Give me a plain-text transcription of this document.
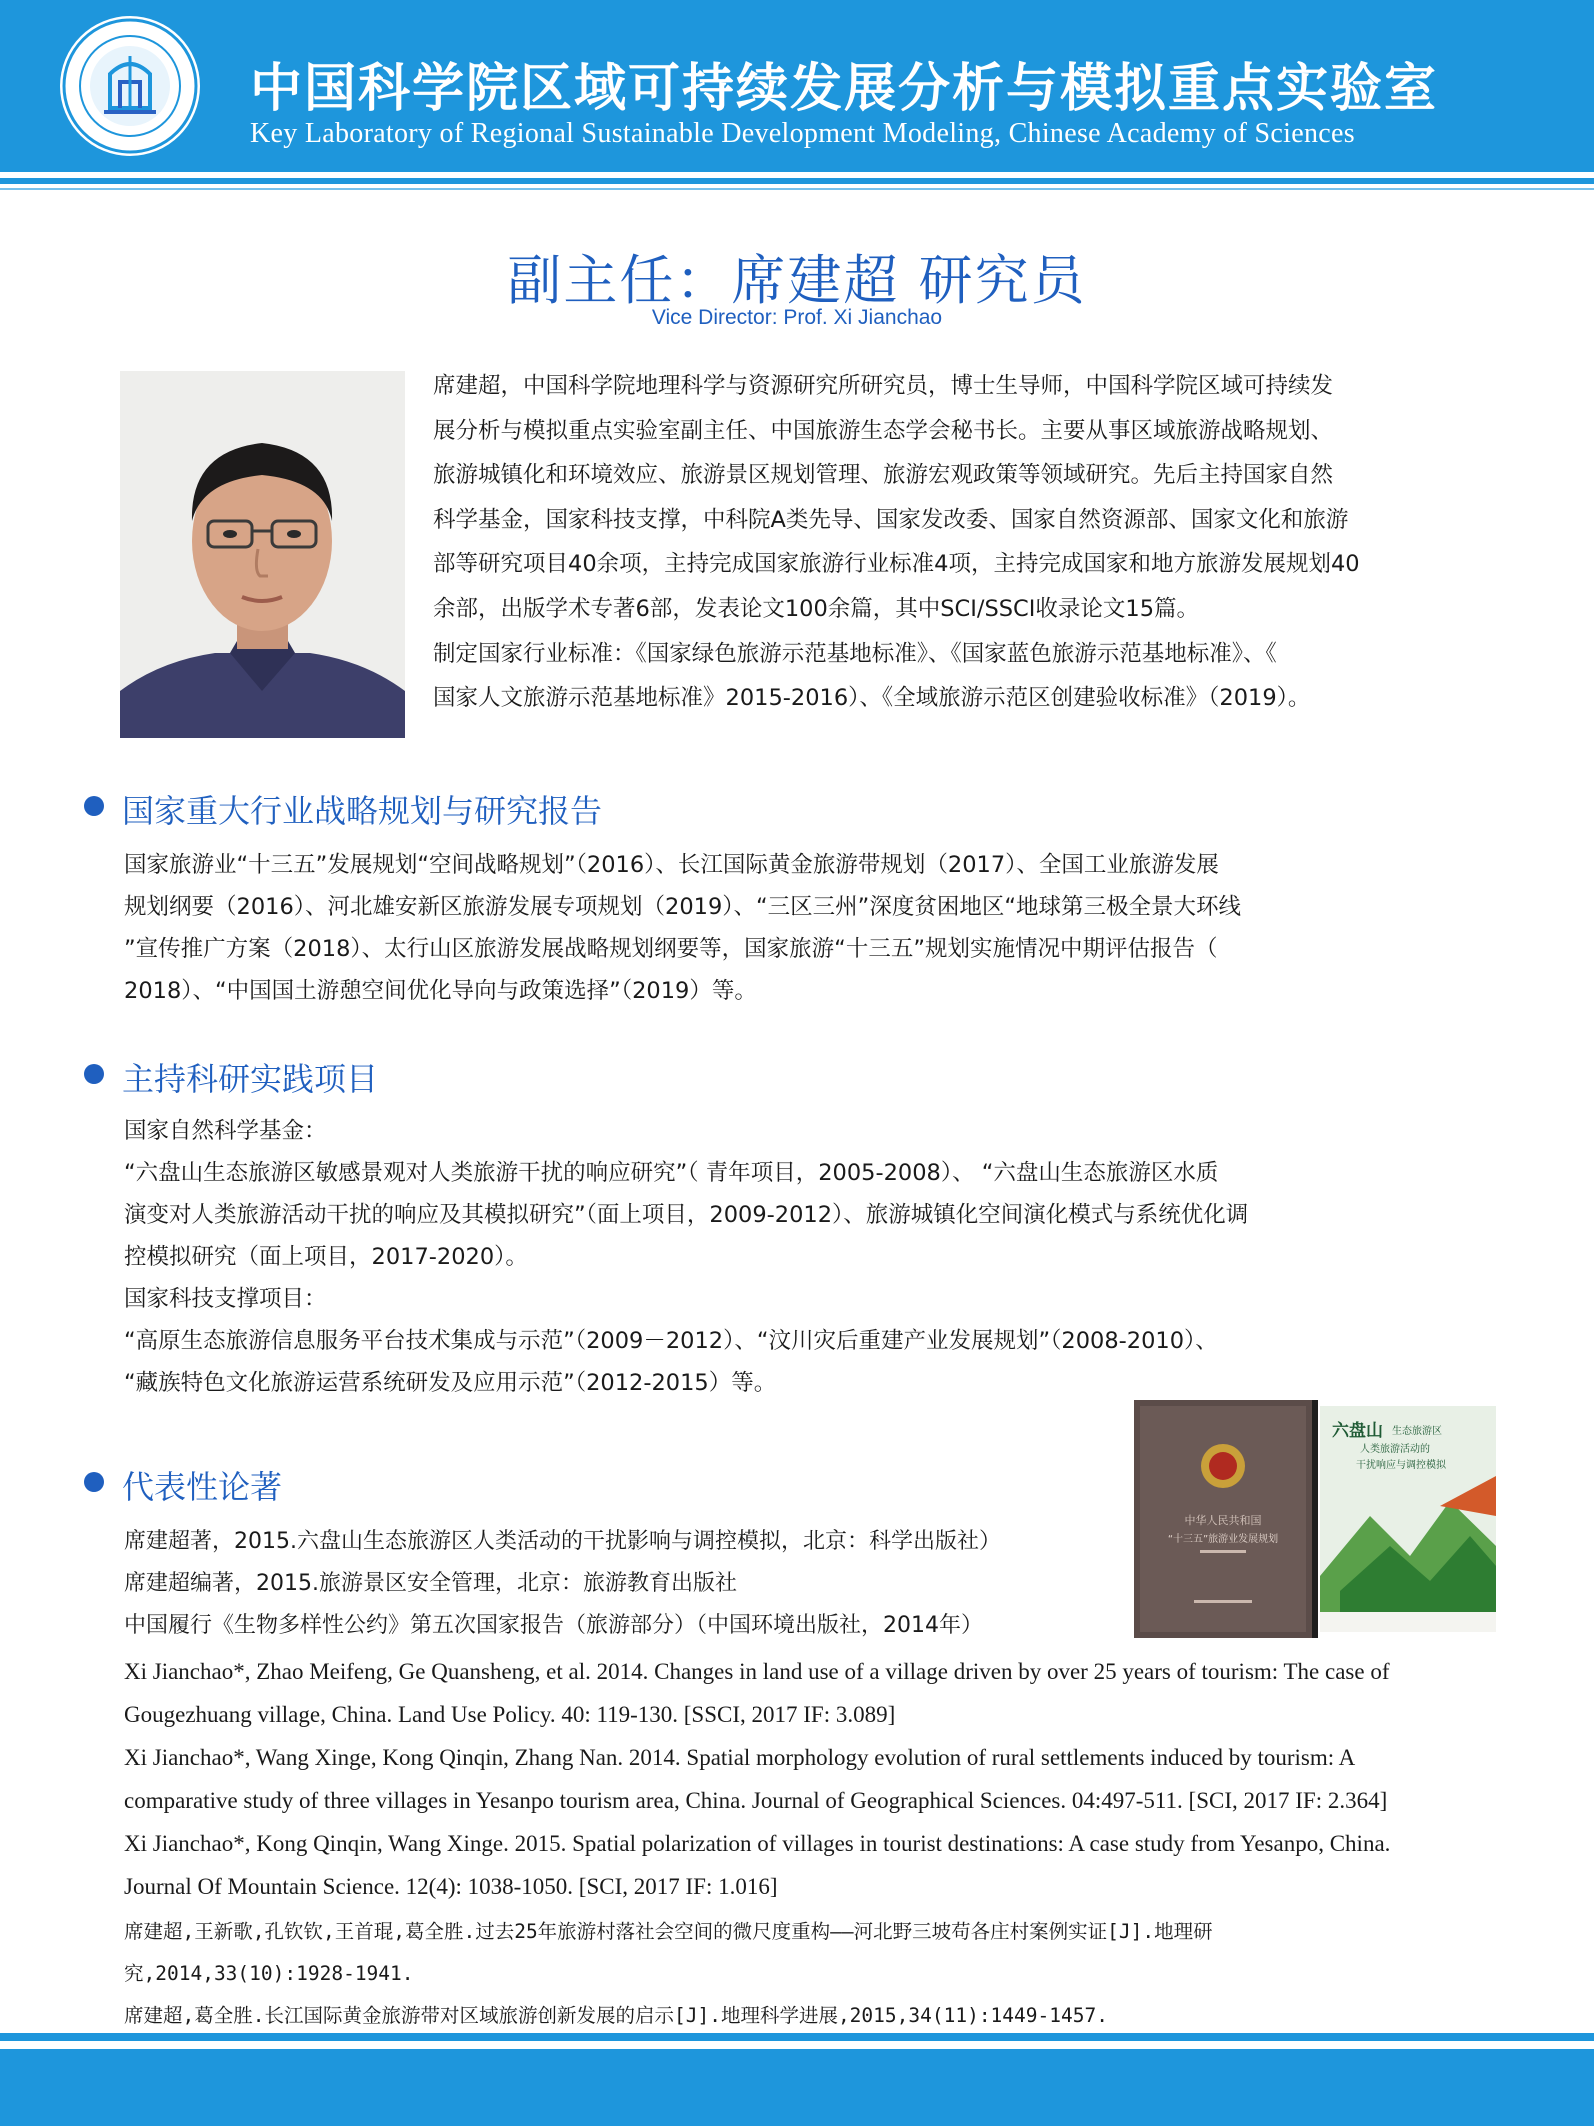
中国科学院区域可持续发展分析与模拟重点实验室
Key Laboratory of Regional Sustainable Development Modeling, Chinese Academy of Sciences
副主任：席建超 研究员
Vice Director: Prof. Xi Jianchao
席建超，中国科学院地理科学与资源研究所研究员，博士生导师，中国科学院区域可持续发
展分析与模拟重点实验室副主任、中国旅游生态学会秘书长。主要从事区域旅游战略规划、
旅游城镇化和环境效应、旅游景区规划管理、旅游宏观政策等领域研究。先后主持国家自然
科学基金，国家科技支撑，中科院A类先导、国家发改委、国家自然资源部、国家文化和旅游
部等研究项目40余项，主持完成国家旅游行业标准4项，主持完成国家和地方旅游发展规划40
余部，出版学术专著6部，发表论文100余篇，其中SCI/SSCI收录论文15篇。
制定国家行业标准：《国家绿色旅游示范基地标准》、《国家蓝色旅游示范基地标准》、《
国家人文旅游示范基地标准》2015-2016）、《全域旅游示范区创建验收标准》（2019）。
国家重大行业战略规划与研究报告
国家旅游业“十三五”发展规划“空间战略规划”（2016）、长江国际黄金旅游带规划（2017）、全国工业旅游发展
规划纲要（2016）、河北雄安新区旅游发展专项规划（2019）、“三区三州”深度贫困地区“地球第三极全景大环线
”宣传推广方案（2018）、太行山区旅游发展战略规划纲要等，国家旅游“十三五”规划实施情况中期评估报告（
2018）、“中国国土游憩空间优化导向与政策选择”（2019）等。
主持科研实践项目
国家自然科学基金：
“六盘山生态旅游区敏感景观对人类旅游干扰的响应研究”（ 青年项目，2005-2008）、 “六盘山生态旅游区水质
演变对人类旅游活动干扰的响应及其模拟研究”（面上项目，2009-2012）、旅游城镇化空间演化模式与系统优化调
控模拟研究（面上项目，2017-2020）。
国家科技支撑项目：
“高原生态旅游信息服务平台技术集成与示范”（2009－2012）、“汶川灾后重建产业发展规划”（2008-2010）、
“藏族特色文化旅游运营系统研发及应用示范”（2012-2015）等。
中华人民共和国
“十三五”旅游业发展规划
六盘山 生态旅游区
人类旅游活动的
干扰响应与调控模拟
代表性论著
席建超著，2015.六盘山生态旅游区人类活动的干扰影响与调控模拟，北京：科学出版社）
席建超编著，2015.旅游景区安全管理，北京：旅游教育出版社
中国履行《生物多样性公约》第五次国家报告（旅游部分）（中国环境出版社，2014年）
Xi Jianchao*, Zhao Meifeng, Ge Quansheng, et al. 2014. Changes in land use of a village driven by over 25 years of tourism: The case of
Gougezhuang village, China. Land Use Policy. 40: 119-130. [SSCI, 2017 IF: 3.089]
Xi Jianchao*, Wang Xinge, Kong Qinqin, Zhang Nan. 2014. Spatial morphology evolution of rural settlements induced by tourism: A
comparative study of three villages in Yesanpo tourism area, China. Journal of Geographical Sciences. 04:497-511. [SCI, 2017 IF: 2.364]
Xi Jianchao*, Kong Qinqin, Wang Xinge. 2015. Spatial polarization of villages in tourist destinations: A case study from Yesanpo, China.
Journal Of Mountain Science. 12(4): 1038-1050. [SCI, 2017 IF: 1.016]
席建超,王新歌,孔钦钦,王首琨,葛全胜.过去25年旅游村落社会空间的微尺度重构——河北野三坡苟各庄村案例实证[J].地理研
究,2014,33(10):1928-1941.
席建超,葛全胜.长江国际黄金旅游带对区域旅游创新发展的启示[J].地理科学进展,2015,34(11):1449-1457.
